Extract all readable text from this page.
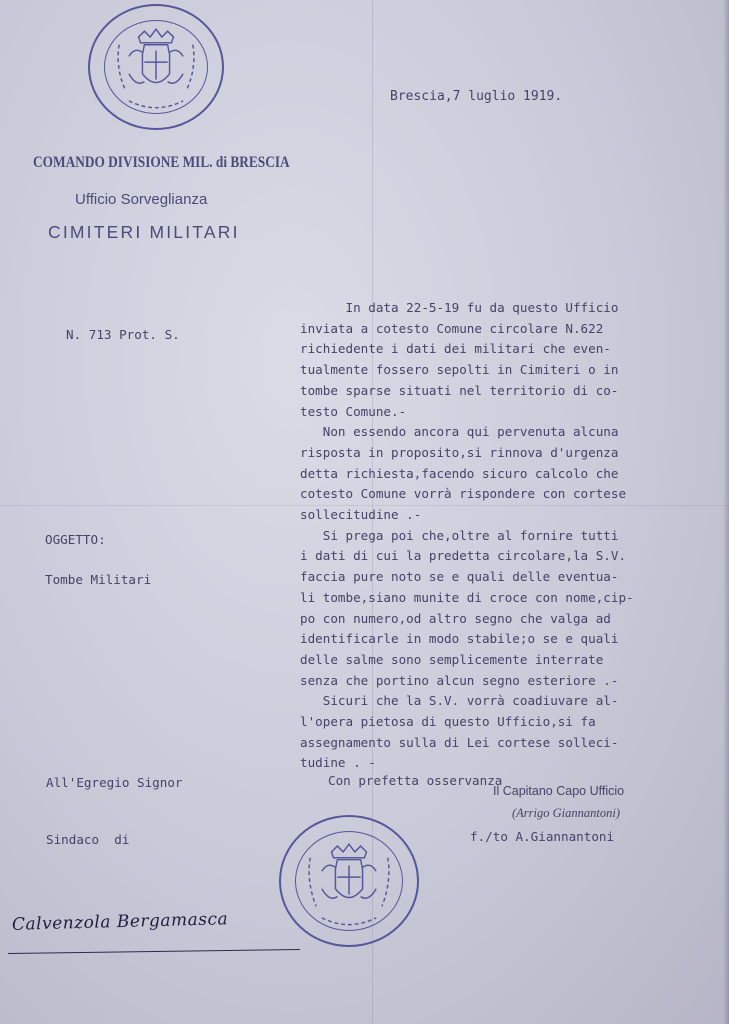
COMANDO DIVISIONE MIL. di BRESCIA
Ufficio Sorveglianza
CIMITERI MILITARI
Brescia,7 luglio 1919.
N. 713 Prot. S.
OGGETTO:
Tombe Militari
All'Egregio Signor
Sindaco  di
In data 22-5-19 fu da questo Ufficio
inviata a cotesto Comune circolare N.622
richiedente i dati dei militari che even-
tualmente fossero sepolti in Cimiteri o in
tombe sparse situati nel territorio di co-
testo Comune.-
Non essendo ancora qui pervenuta alcuna
risposta in proposito,si rinnova d'urgenza
detta richiesta,facendo sicuro calcolo che
cotesto Comune vorrà rispondere con cortese
sollecitudine .-
Si prega poi che,oltre al fornire tutti
i dati di cui la predetta circolare,la S.V.
faccia pure noto se e quali delle eventua-
li tombe,siano munite di croce con nome,cip-
po con numero,od altro segno che valga ad
identificarle in modo stabile;o se e quali
delle salme sono semplicemente interrate
senza che portino alcun segno esteriore .-
Sicuri che la S.V. vorrà coadiuvare al-
l'opera pietosa di questo Ufficio,si fa
assegnamento sulla di Lei cortese solleci-
tudine . -
Con prefetta osservanza
Il Capitano Capo Ufficio
(Arrigo Giannantoni)
f./to A.Giannantoni
Calvenzola Bergamasca
